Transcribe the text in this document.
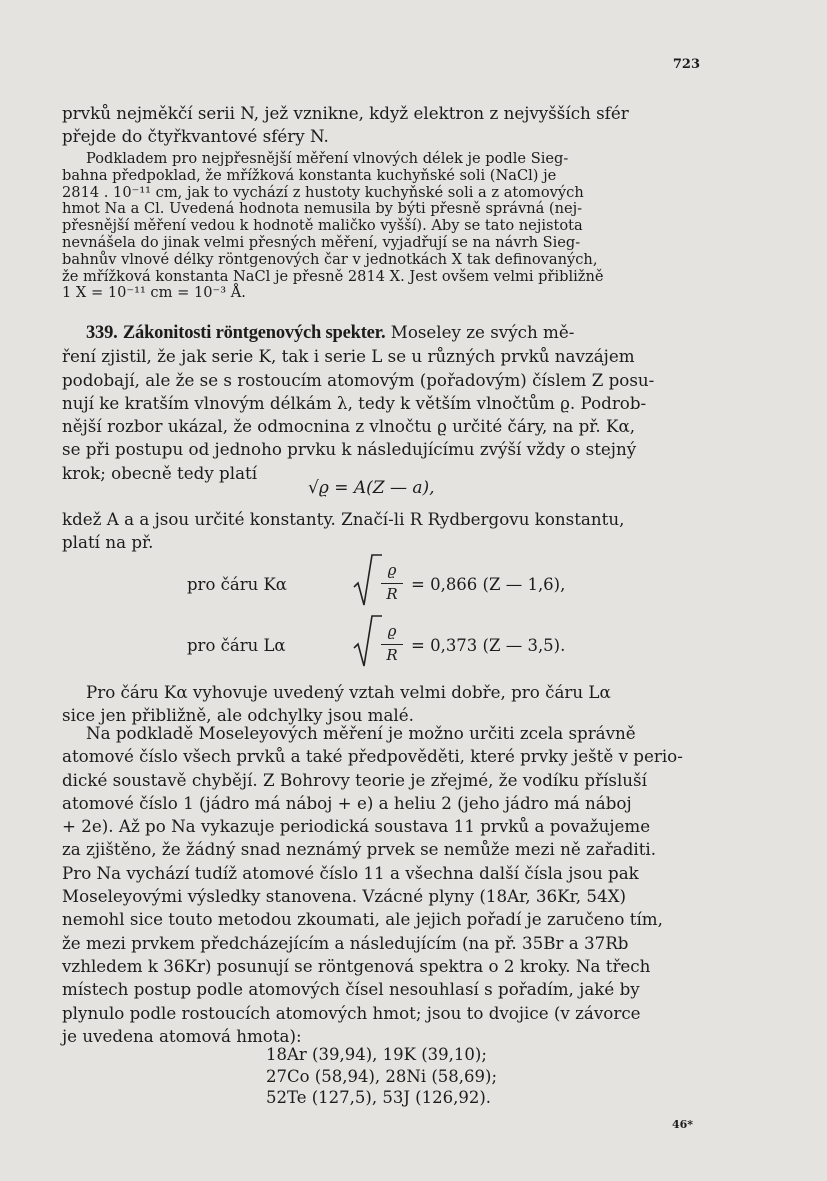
723
prvků nejměkčí serii N, jež vznikne, když elektron z nejvyšších sfér
přejde do čtyřkvantové sféry N.
Podkladem pro nejpřesnější měření vlnových délek je podle Sieg-
bahna předpoklad, že mřížková konstanta kuchyňské soli (NaCl) je
2814 . 10⁻¹¹ cm, jak to vychází z hustoty kuchyňské soli a z atomových
hmot Na a Cl. Uvedená hodnota nemusila by býti přesně správná (nej-
přesnější měření vedou k hodnotě maličko vyšší). Aby se tato nejistota
nevnášela do jinak velmi přesných měření, vyjadřují se na návrh Sieg-
bahnův vlnové délky röntgenových čar v jednotkách X tak definovaných,
že mřížková konstanta NaCl je přesně 2814 X. Jest ovšem velmi přibližně
1 X = 10⁻¹¹ cm = 10⁻³ Å.
339. Zákonitosti röntgenových spekter. Moseley ze svých mě-
ření zjistil, že jak serie K, tak i serie L se u různých prvků navzájem
podobají, ale že se s rostoucím atomovým (pořadovým) číslem Z posu-
nují ke kratším vlnovým délkám λ, tedy k větším vlnočtům ϱ. Podrob-
nější rozbor ukázal, že odmocnina z vlnočtu ϱ určité čáry, na př. Kα,
se při postupu od jednoho prvku k následujícímu zvýší vždy o stejný
krok; obecně tedy platí
√ϱ = A(Z — a),
kdež A a a jsou určité konstanty. Značí-li R Rydbergovu konstantu,
platí na př.
pro čáru Kα
ϱ
R = 0,866 (Z — 1,6),
pro čáru Lα
ϱ
R = 0,373 (Z — 3,5).
Pro čáru Kα vyhovuje uvedený vztah velmi dobře, pro čáru Lα
sice jen přibližně, ale odchylky jsou malé.
Na podkladě Moseleyových měření je možno určiti zcela správně
atomové číslo všech prvků a také předpověděti, které prvky ještě v perio-
dické soustavě chybějí. Z Bohrovy teorie je zřejmé, že vodíku přísluší
atomové číslo 1 (jádro má náboj + e) a heliu 2 (jeho jádro má náboj
+ 2e). Až po Na vykazuje periodická soustava 11 prvků a považujeme
za zjištěno, že žádný snad neznámý prvek se nemůže mezi ně zařaditi.
Pro Na vychází tudíž atomové číslo 11 a všechna další čísla jsou pak
Moseleyovými výsledky stanovena. Vzácné plyny (18Ar, 36Kr, 54X)
nemohl sice touto metodou zkoumati, ale jejich pořadí je zaručeno tím,
že mezi prvkem předcházejícím a následujícím (na př. 35Br a 37Rb
vzhledem k 36Kr) posunují se röntgenová spektra o 2 kroky. Na třech
místech postup podle atomových čísel nesouhlasí s pořadím, jaké by
plynulo podle rostoucích atomových hmot; jsou to dvojice (v závorce
je uvedena atomová hmota):
18Ar (39,94), 19K (39,10);
27Co (58,94), 28Ni (58,69);
52Te (127,5), 53J (126,92).
46*
